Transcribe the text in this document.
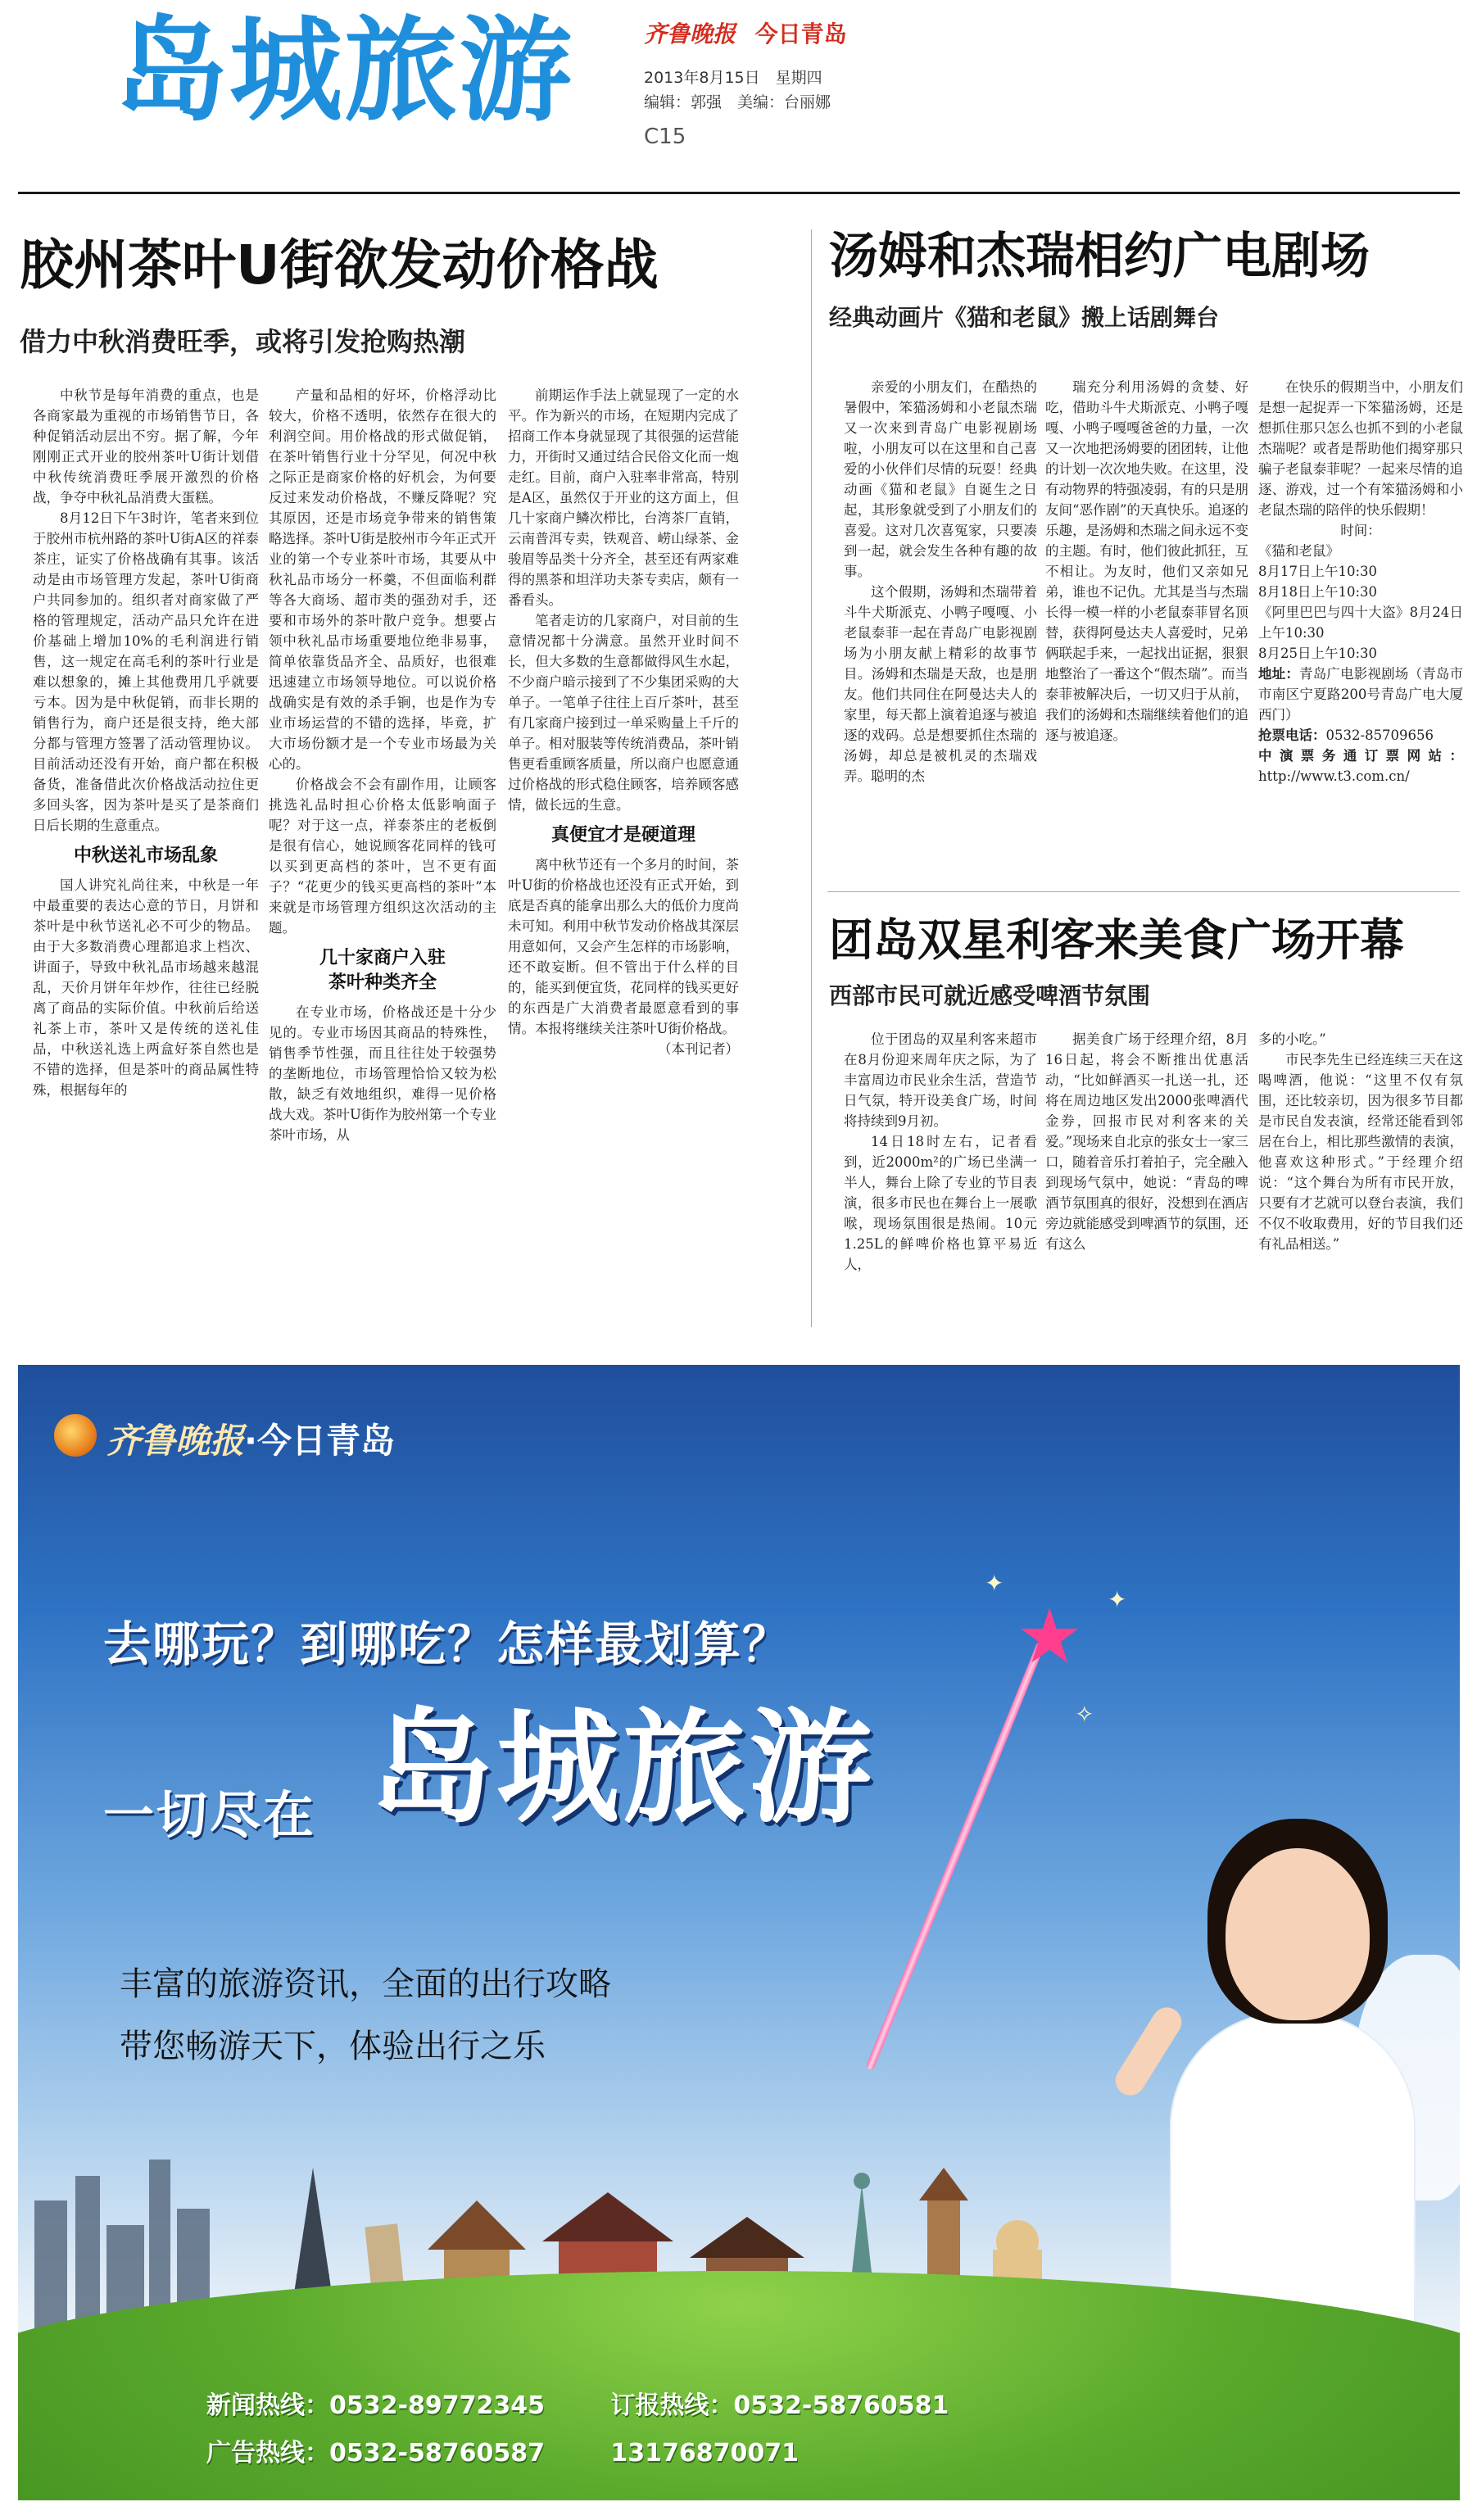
岛城旅游	齐鲁晚报 今日青岛
2013年8月15日　星期四
编辑：郭强　美编：台丽娜
C15
胶州茶叶U街欲发动价格战
借力中秋消费旺季，或将引发抢购热潮

中秋节是每年消费的重点，也是各商家最为重视的市场销售节日，各种促销活动层出不穷。据了解，今年刚刚正式开业的胶州茶叶U街计划借中秋传统消费旺季展开激烈的价格战，争夺中秋礼品消费大蛋糕。

8月12日下午3时许，笔者来到位于胶州市杭州路的茶叶U街A区的祥泰茶庄，证实了价格战确有其事。该活动是由市场管理方发起，茶叶U街商户共同参加的。组织者对商家做了严格的管理规定，活动产品只允许在进价基础上增加10%的毛利润进行销售，这一规定在高毛利的茶叶行业是难以想象的，摊上其他费用几乎就要亏本。因为是中秋促销，而非长期的销售行为，商户还是很支持，绝大部分都与管理方签署了活动管理协议。目前活动还没有开始，商户都在积极备货，准备借此次价格战活动拉住更多回头客，因为茶叶是买了是茶商们日后长期的生意重点。

中秋送礼市场乱象

国人讲究礼尚往来，中秋是一年中最重要的表达心意的节日，月饼和茶叶是中秋节送礼必不可少的物品。由于大多数消费心理都追求上档次、讲面子，导致中秋礼品市场越来越混乱，天价月饼年年炒作，往往已经脱离了商品的实际价值。中秋前后给送礼茶上市，茶叶又是传统的送礼佳品，中秋送礼选上两盒好茶自然也是不错的选择，但是茶叶的商品属性特殊，根据每年的

产量和品相的好坏，价格浮动比较大，价格不透明，依然存在很大的利润空间。用价格战的形式做促销，在茶叶销售行业十分罕见，何况中秋之际正是商家价格的好机会，为何要反过来发动价格战，不赚反降呢？究其原因，还是市场竞争带来的销售策略选择。茶叶U街是胶州市今年正式开业的第一个专业茶叶市场，其要从中秋礼品市场分一杯羹，不但面临利群等各大商场、超市类的强劲对手，还要和市场外的茶叶散户竞争。想要占领中秋礼品市场重要地位绝非易事，简单依靠货品齐全、品质好，也很难迅速建立市场领导地位。可以说价格战确实是有效的杀手锏，也是作为专业市场运营的不错的选择，毕竟，扩大市场份额才是一个专业市场最为关心的。

价格战会不会有副作用，让顾客挑选礼品时担心价格太低影响面子呢？对于这一点，祥泰茶庄的老板倒是很有信心，她说顾客花同样的钱可以买到更高档的茶叶，岂不更有面子？“花更少的钱买更高档的茶叶”本来就是市场管理方组织这次活动的主题。

几十家商户入驻
茶叶种类齐全

在专业市场，价格战还是十分少见的。专业市场因其商品的特殊性，销售季节性强，而且往往处于较强势的垄断地位，市场管理恰恰又较为松散，缺乏有效地组织，难得一见价格战大戏。茶叶U街作为胶州第一个专业茶叶市场，从

前期运作手法上就显现了一定的水平。作为新兴的市场，在短期内完成了招商工作本身就显现了其很强的运营能力，开街时又通过结合民俗文化而一炮走红。目前，商户入驻率非常高，特别是A区，虽然仅于开业的这方面上，但几十家商户鳞次栉比，台湾茶厂直销，云南普洱专卖，铁观音、崂山绿茶、金骏眉等品类十分齐全，甚至还有两家难得的黑茶和坦洋功夫茶专卖店，颇有一番看头。

笔者走访的几家商户，对目前的生意情况都十分满意。虽然开业时间不长，但大多数的生意都做得风生水起，不少商户暗示接到了不少集团采购的大单子。一笔单子往往上百斤茶叶，甚至有几家商户接到过一单采购量上千斤的单子。相对服装等传统消费品，茶叶销售更看重顾客质量，所以商户也愿意通过价格战的形式稳住顾客，培养顾客感情，做长远的生意。

真便宜才是硬道理

离中秋节还有一个多月的时间，茶叶U街的价格战也还没有正式开始，到底是否真的能拿出那么大的低价力度尚未可知。利用中秋节发动价格战其深层用意如何，又会产生怎样的市场影响，还不敢妄断。但不管出于什么样的目的，能买到便宜货，花同样的钱买更好的东西是广大消费者最愿意看到的事情。本报将继续关注茶叶U街价格战。

（本刊记者）

汤姆和杰瑞相约广电剧场
经典动画片《猫和老鼠》搬上话剧舞台

亲爱的小朋友们，在酷热的暑假中，笨猫汤姆和小老鼠杰瑞又一次来到青岛广电影视剧场啦，小朋友可以在这里和自己喜爱的小伙伴们尽情的玩耍！经典动画《猫和老鼠》自诞生之日起，其形象就受到了小朋友们的喜爱。这对几次喜冤家，只要凑到一起，就会发生各种有趣的故事。

这个假期，汤姆和杰瑞带着斗牛犬斯派克、小鸭子嘎嘎、小老鼠泰菲一起在青岛广电影视剧场为小朋友献上精彩的故事节目。汤姆和杰瑞是天敌，也是朋友。他们共同住在阿曼达夫人的家里，每天都上演着追逐与被追逐的戏码。总是想要抓住杰瑞的汤姆，却总是被机灵的杰瑞戏弄。聪明的杰

瑞充分利用汤姆的贪婪、好吃，借助斗牛犬斯派克、小鸭子嘎嘎、小鸭子嘎嘎爸爸的力量，一次又一次地把汤姆要的团团转，让他的计划一次次地失败。在这里，没有动物界的特强凌弱，有的只是朋友间“恶作剧”的天真快乐。追逐的乐趣，是汤姆和杰瑞之间永远不变的主题。有时，他们彼此抓狂，互不相让。为友时，他们又亲如兄弟，谁也不记仇。尤其是当与杰瑞长得一模一样的小老鼠泰菲冒名顶替，获得阿曼达夫人喜爱时，兄弟俩联起手来，一起找出证据，狠狠地整治了一番这个“假杰瑞”。而当泰菲被解决后，一切又归于从前，我们的汤姆和杰瑞继续着他们的追逐与被追逐。

在快乐的假期当中，小朋友们是想一起捉弄一下笨猫汤姆，还是想抓住那只怎么也抓不到的小老鼠杰瑞呢？或者是帮助他们揭穿那只骗子老鼠泰菲呢？一起来尽情的追逐、游戏，过一个有笨猫汤姆和小老鼠杰瑞的陪伴的快乐假期！

时间：

《猫和老鼠》

8月17日上午10:30

8月18日上午10:30

《阿里巴巴与四十大盗》8月24日上午10:30

8月25日上午10:30

地址：青岛广电影视剧场（青岛市市南区宁夏路200号青岛广电大厦西门）

抢票电话：0532-85709656

中演票务通订票网站：http://www.t3.com.cn/

团岛双星利客来美食广场开幕
西部市民可就近感受啤酒节氛围

位于团岛的双星利客来超市在8月份迎来周年庆之际，为了丰富周边市民业余生活，营造节日气氛，特开设美食广场，时间将持续到9月初。

14日18时左右，记者看到，近2000m²的广场已坐满一半人，舞台上除了专业的节目表演，很多市民也在舞台上一展歌喉，现场氛围很是热闹。10元1.25L的鲜啤价格也算平易近人，

据美食广场于经理介绍，8月16日起，将会不断推出优惠活动，“比如鲜酒买一扎送一扎，还将在周边地区发出2000张啤酒代金券，回报市民对利客来的关爱。”现场来自北京的张女士一家三口，随着音乐打着拍子，完全融入到现场气氛中，她说：“青岛的啤酒节氛围真的很好，没想到在酒店旁边就能感受到啤酒节的氛围，还有这么

多的小吃。”

市民李先生已经连续三天在这喝啤酒，他说：“这里不仅有氛围，还比较亲切，因为很多节目都是市民自发表演，经常还能看到邻居在台上，相比那些激情的表演，他喜欢这种形式。”于经理介绍说：“这个舞台为所有市民开放，只要有才艺就可以登台表演，我们不仅不收取费用，好的节目我们还有礼品相送。”

齐鲁晚报·今日青岛
去哪玩？到哪吃？怎样最划算？
岛城旅游
一切尽在
★
✦
✦
✧
丰富的旅游资讯，全面的出行攻略
带您畅游天下，体验出行之乐
新闻热线：0532-89772345	订报热线：0532-58760581
广告热线：0532-58760587	13176870071
